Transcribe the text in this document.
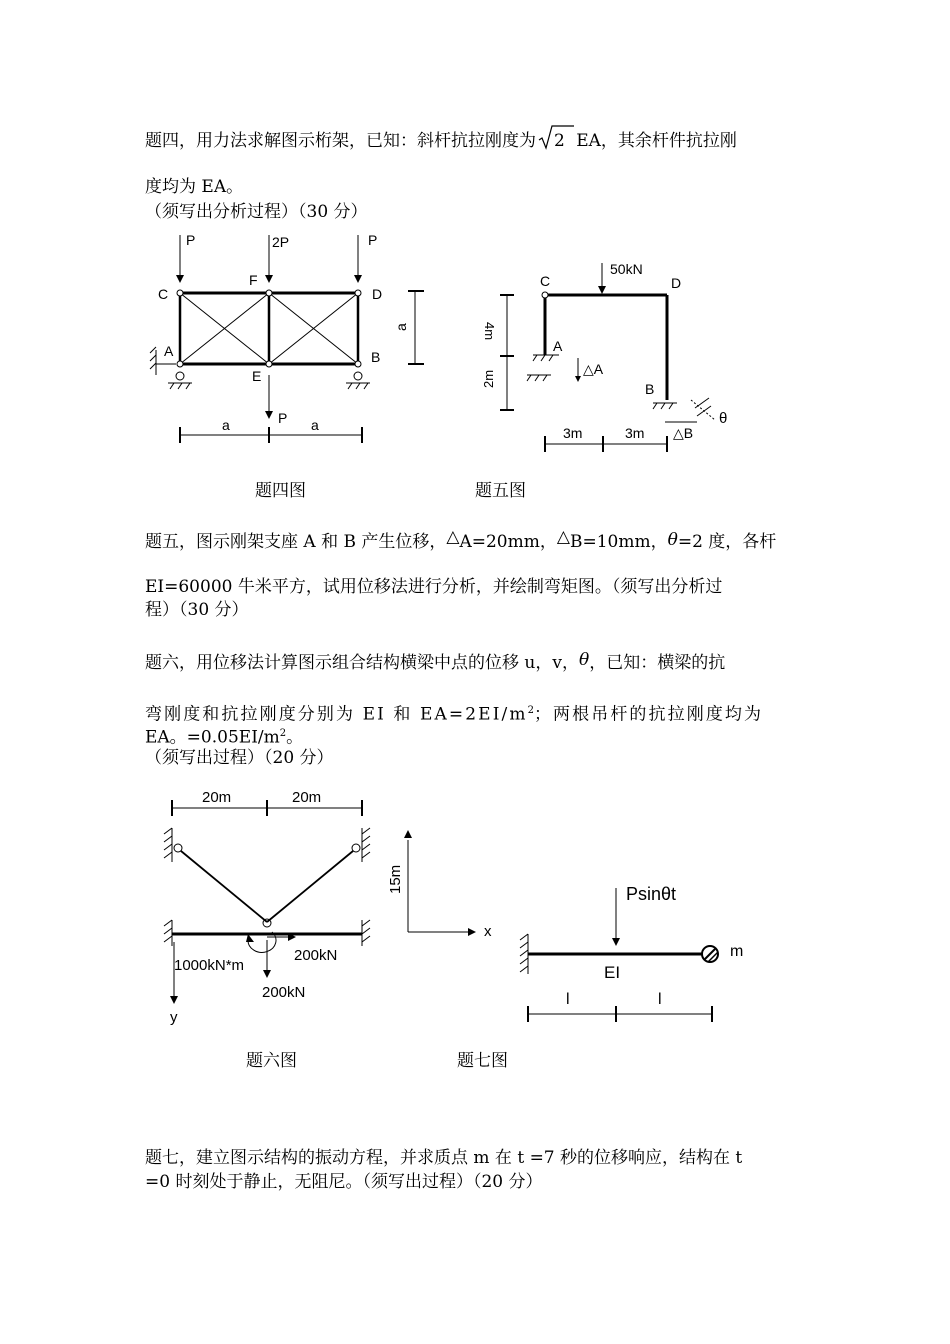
题四，用力法求解图示桁架，已知：斜杆抗拉刚度为 2 EA，其余杆件抗拉刚
度均为 EA。
（须写出分析过程）（30 分）
P	2P	P
P
C
F
D
A
E
B
a	a
a
C
50kN
D
A
△A
B
θ
△B
4m
2m
3m	3m
题四图	题五图
题五，图示刚架支座 A 和 B 产生位移，△A=20mm，△B=10mm，θ=2 度，各杆
EI=60000 牛米平方，试用位移法进行分析，并绘制弯矩图。（须写出分析过
程）（30 分）
题六，用位移法计算图示组合结构横梁中点的位移 u，v，θ，已知：横梁的抗
弯刚度和抗拉刚度分别为 EI 和 $EA=2EI/m^2$；两根吊杆的抗拉刚度均为
EA。$=0.05EI/m^2$。
（须写出过程）（20 分）
20m	20m
15m
x
y
1000kN*m
200kN
200kN
Psinθt
EI
m
l	l
题六图	题七图
题七，建立图示结构的振动方程，并求质点 m 在 t =7 秒的位移响应，结构在 t
=0 时刻处于静止，无阻尼。（须写出过程）（20 分）
